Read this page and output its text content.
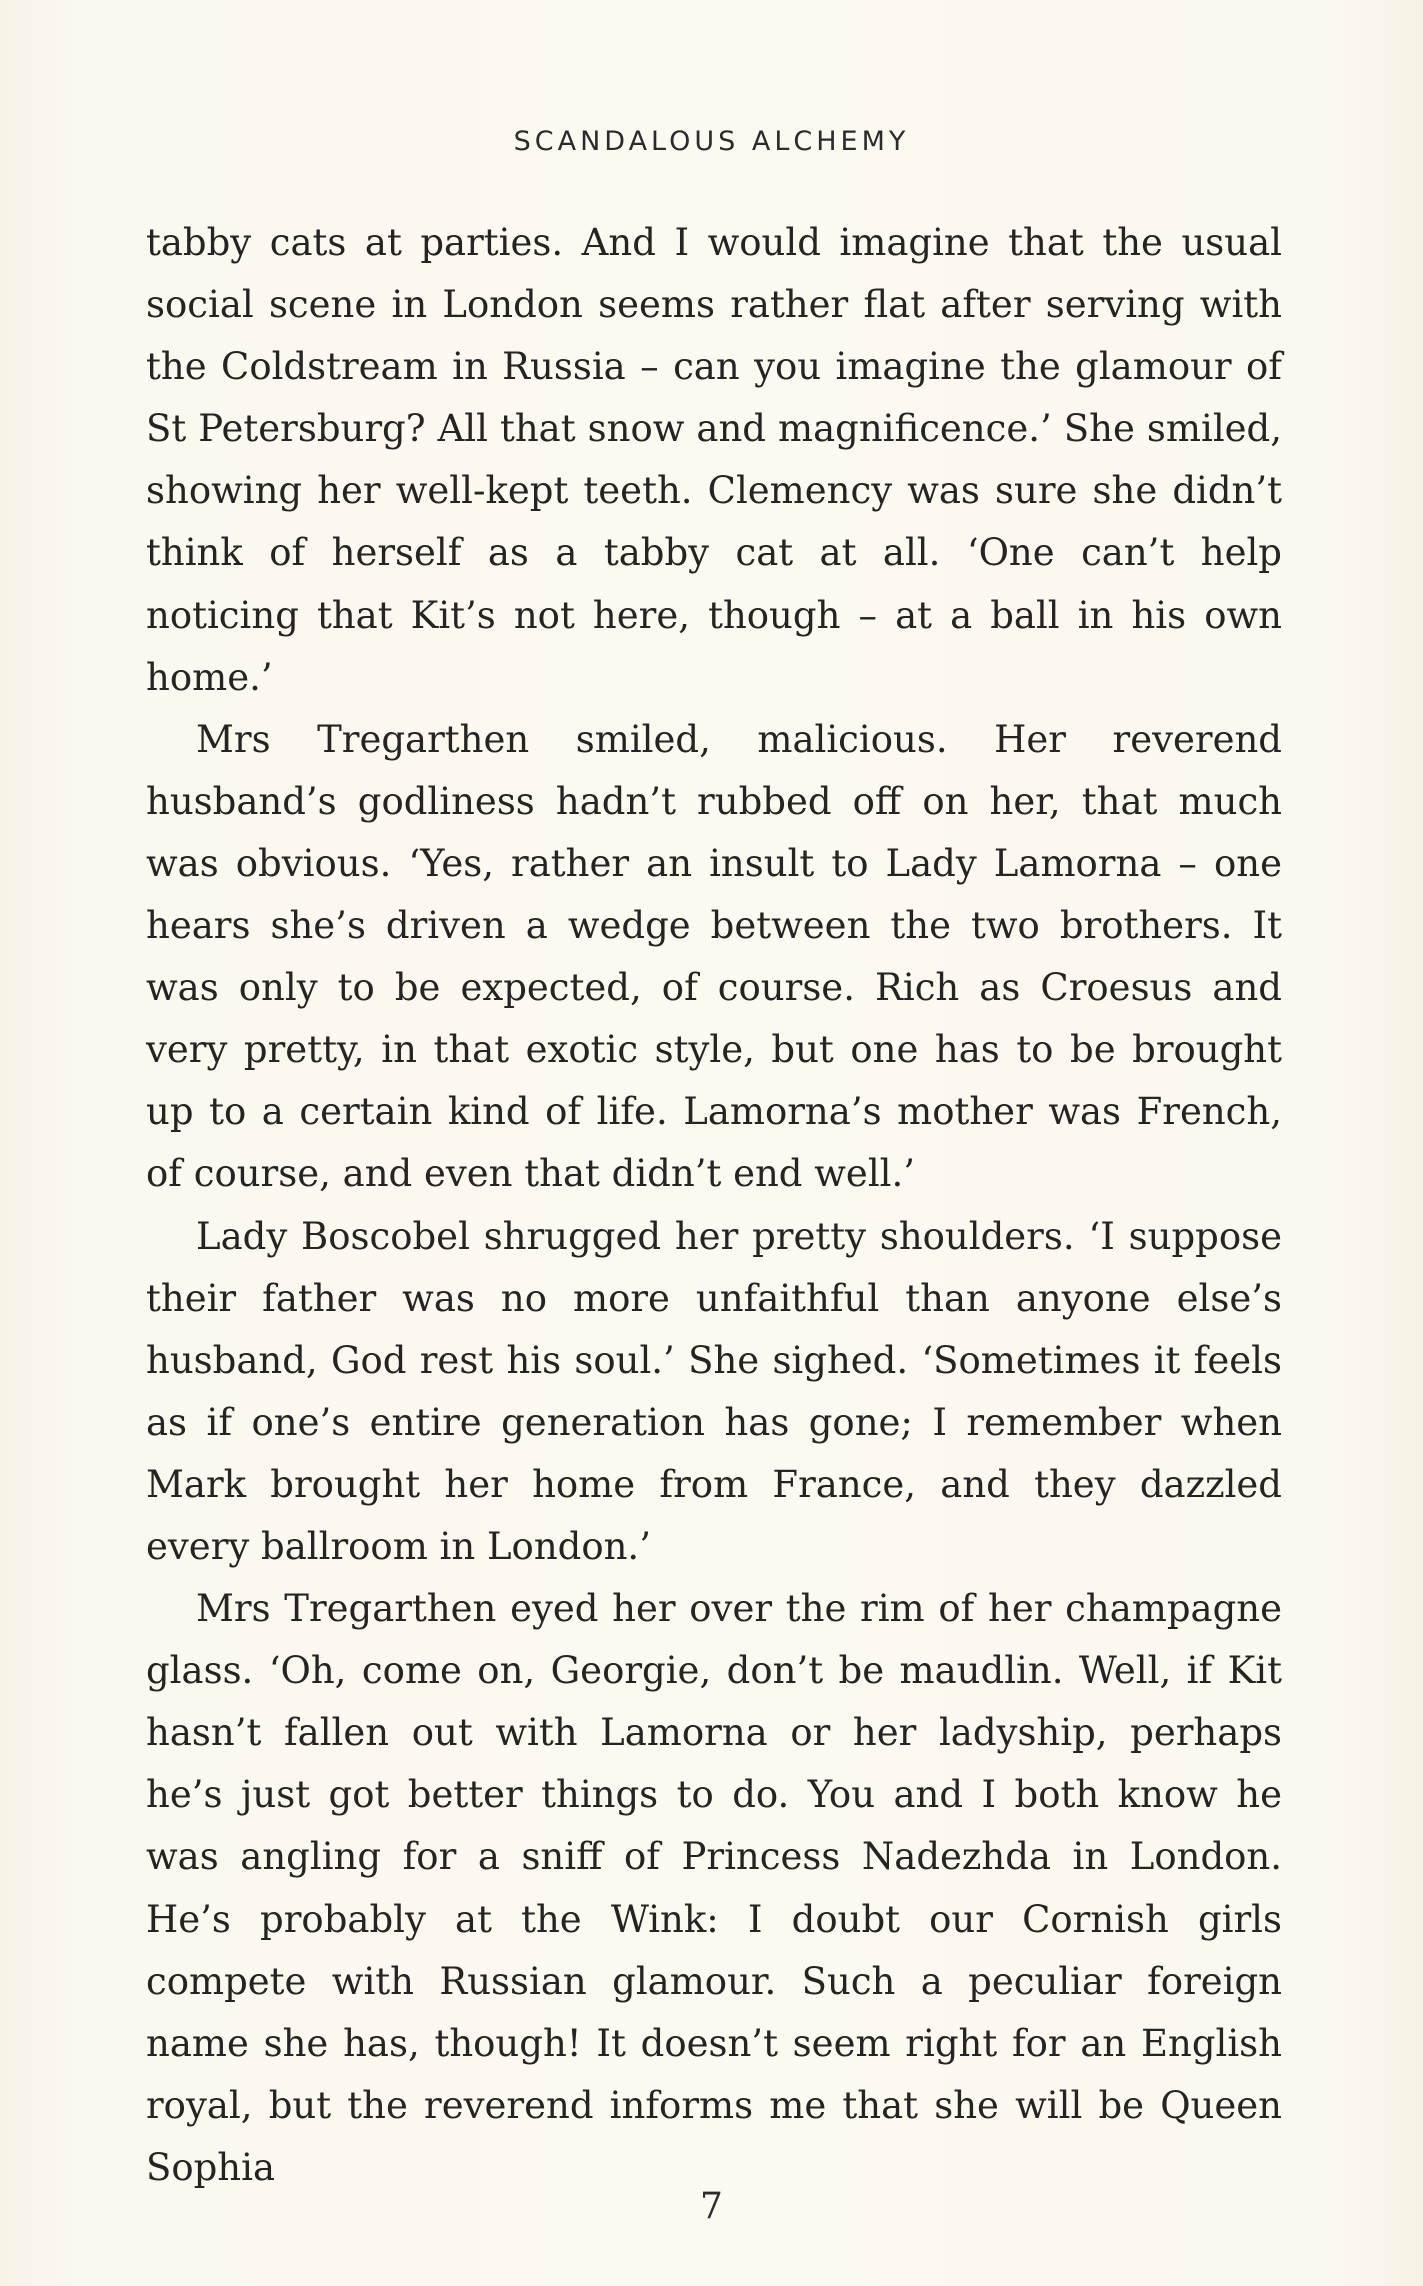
SCANDALOUS ALCHEMY

tabby cats at parties. And I would imagine that the usual social scene in London seems rather flat after serving with the Coldstream in Russia – can you imagine the glamour of St Petersburg? All that snow and magnificence.’ She smiled, showing her well-kept teeth. Clemency was sure she didn’t think of herself as a tabby cat at all. ‘One can’t help noticing that Kit’s not here, though – at a ball in his own home.’

Mrs Tregarthen smiled, malicious. Her reverend husband’s godliness hadn’t rubbed off on her, that much was obvious. ‘Yes, rather an insult to Lady Lamorna – one hears she’s driven a wedge between the two brothers. It was only to be expected, of course. Rich as Croesus and very pretty, in that exotic style, but one has to be brought up to a certain kind of life. Lamorna’s mother was French, of course, and even that didn’t end well.’

Lady Boscobel shrugged her pretty shoulders. ‘I suppose their father was no more unfaithful than anyone else’s husband, God rest his soul.’ She sighed. ‘Sometimes it feels as if one’s entire generation has gone; I remember when Mark brought her home from France, and they dazzled every ballroom in London.’

Mrs Tregarthen eyed her over the rim of her champagne glass. ‘Oh, come on, Georgie, don’t be maudlin. Well, if Kit hasn’t fallen out with Lamorna or her ladyship, perhaps he’s just got better things to do. You and I both know he was angling for a sniff of Princess Nadezhda in London. He’s probably at the Wink: I doubt our Cornish girls compete with Russian glamour. Such a peculiar foreign name she has, though! It doesn’t seem right for an English royal, but the reverend informs me that she will be Queen Sophia

7
